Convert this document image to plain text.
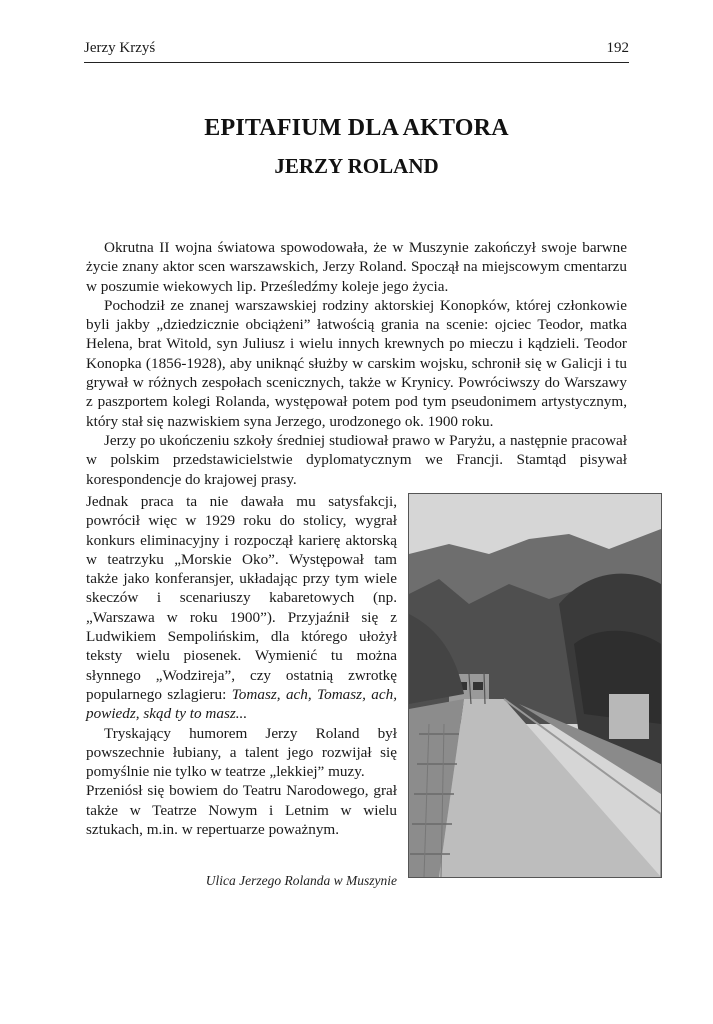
Jerzy Krzyś	192
EPITAFIUM DLA AKTORA
JERZY ROLAND

Okrutna II wojna światowa spowodowała, że w Muszynie zakończył swoje barwne życie znany aktor scen warszawskich, Jerzy Roland. Spoczął na miejscowym cmentarzu w poszumie wiekowych lip. Prześledźmy koleje jego życia.

Pochodził ze znanej warszawskiej rodziny aktorskiej Konopków, której członkowie byli jakby „dziedzicznie obciążeni” łatwością grania na scenie: ojciec Teodor, matka Helena, brat Witold, syn Juliusz i wielu innych krewnych po mieczu i kądzieli. Teodor Konopka (1856-1928), aby uniknąć służby w carskim wojsku, schronił się w Galicji i tu grywał w różnych zespołach scenicznych, także w Krynicy. Powróciwszy do Warszawy z paszportem kolegi Rolanda, występował potem pod tym pseudonimem artystycznym, który stał się nazwiskiem syna Jerzego, urodzonego ok. 1900 roku.

Jerzy po ukończeniu szkoły średniej studiował prawo w Paryżu, a następnie pracował w polskim przedstawicielstwie dyplomatycznym we Francji. Stamtąd pisywał korespondencje do krajowej prasy.

Jednak praca ta nie dawała mu satysfakcji, powrócił więc w 1929 roku do stolicy, wygrał konkurs eliminacyjny i rozpoczął karierę aktorską w teatrzyku „Morskie Oko”. Występował tam także jako konferansjer, układając przy tym wiele skeczów i scenariuszy kabaretowych (np. „Warszawa w roku 1900”). Przyjaźnił się z Ludwikiem Sempolińskim, dla którego ułożył teksty wielu piosenek. Wymienić tu można słynnego „Wodzireja”, czy ostatnią zwrotkę popularnego szlagieru: Tomasz, ach, Tomasz, ach, powiedz, skąd ty to masz...

Tryskający humorem Jerzy Roland był powszechnie łubiany, a talent jego rozwijał się pomyślnie nie tylko w teatrze „lekkiej” muzy.

Przeniósł się bowiem do Teatru Narodowego, grał także w Teatrze Nowym i Letnim w wielu sztukach, m.in. w repertuarze poważnym.

Ulica Jerzego Rolanda w Muszynie
